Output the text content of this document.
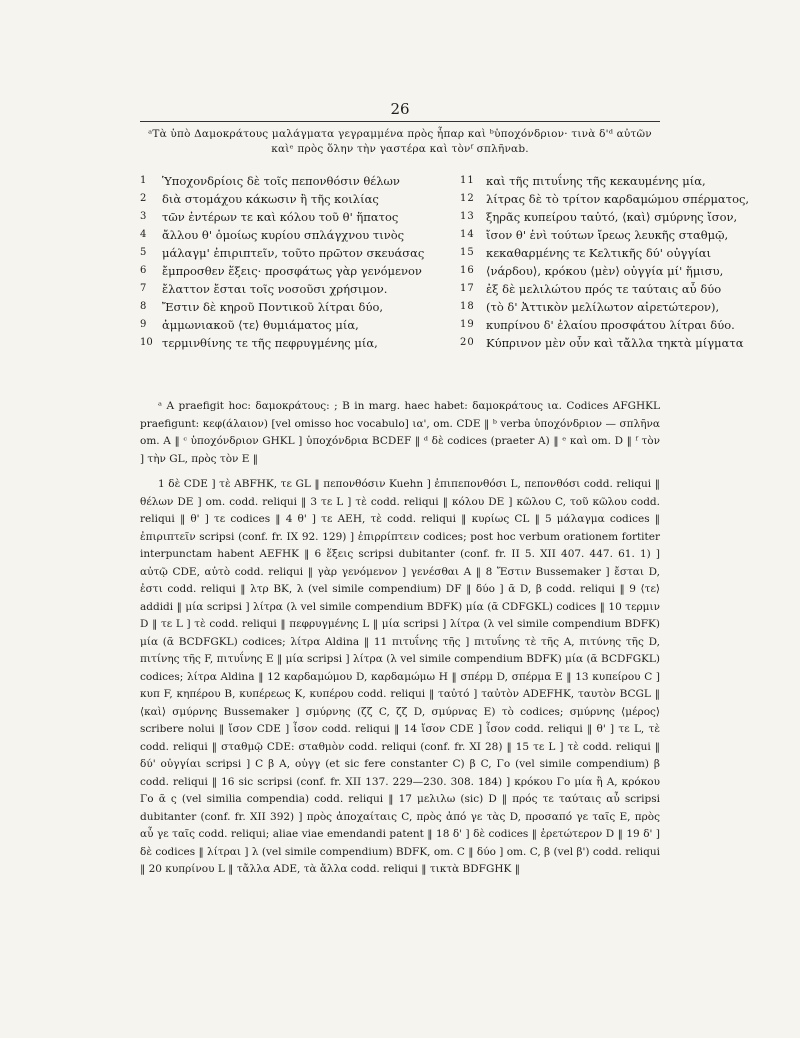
26
ᵃΤὰ ὑπὸ Δαμοκράτους μαλάγματα γεγραμμένα πρὸς ἧπαρ καὶ ᵇὑποχόνδριον· τινὰ δ'ᵈ αὐτῶν
καὶᵉ πρὸς ὅλην τὴν γαστέρα καὶ τὸνᶠ σπλῆναb.
1	Ὑποχονδρίοις δὲ τοῖς πεπονθόσιν θέλων
2	διὰ στομάχου κάκωσιν ἢ τῆς κοιλίας
3	τῶν ἐντέρων τε καὶ κόλου τοῦ θ' ἥπατος
4	ἄλλου θ' ὁμοίως κυρίου σπλάγχνου τινὸς
5	μάλαγμ' ἐπιριπτεῖν, τοῦτο πρῶτον σκευάσας
6	ἔμπροσθεν ἕξεις· προσφάτως γὰρ γενόμενον
7	ἔλαττον ἔσται τοῖς νοσοῦσι χρήσιμον.
8	Ἔστιν δὲ κηροῦ Ποντικοῦ λίτραι δύο,
9	ἀμμωνιακοῦ ⟨τε⟩ θυμιάματος μία,
10 τερμινθίνης τε τῆς πεφρυγμένης μία,
11 καὶ τῆς πιτυΐνης τῆς κεκαυμένης μία,
12 λίτρας δὲ τὸ τρίτον καρδαμώμου σπέρματος,
13 ξηρᾶς κυπείρου ταὐτό, ⟨καὶ⟩ σμύρνης ἴσον,
14 ἴσον θ' ἑνὶ τούτων ἴρεως λευκῆς σταθμῷ,
15 κεκαθαρμένης τε Κελτικῆς δύ' οὐγγίαι
16 ⟨νάρδου⟩, κρόκου ⟨μὲν⟩ οὐγγία μί' ἥμισυ,
17 ἐξ δὲ μελιλώτου πρός τε ταύταις αὖ δύο
18 (τὸ δ' Ἀττικὸν μελίλωτον αἱρετώτερον),
19 κυπρίνου δ' ἐλαίου προσφάτου λίτραι δύο.
20 Κύπρινον μὲν οὖν καὶ τἄλλα τηκτὰ μίγματα

ᵃ A praefigit hoc: δαμοκράτους: ; B in marg. haec habet: δαμοκράτους ια. Codices AFGHKL praefigunt: κεφ(άλαιον) [vel omisso hoc vocabulo] ια', om. CDE ‖ ᵇ verba ὑποχόνδριον — σπλῆνα om. A ‖ ᶜ ὑποχόνδριον GHKL ] ὑποχόνδρια BCDEF ‖ ᵈ δὲ codices (praeter A) ‖ ᵉ καὶ om. D ‖ ᶠ τὸν ] τὴν GL, πρὸς τὸν E ‖

1 δὲ CDE ] τὲ ABFHK, τε GL ‖ πεπονθόσιν Kuehn ] ἐπιπεπονθόσι L, πεπονθόσι codd. reliqui ‖ θέλων DE ] om. codd. reliqui ‖ 3 τε L ] τὲ codd. reliqui ‖ κόλου DE ] κῶλου C, τοῦ κῶλου codd. reliqui ‖ θ' ] τε codices ‖ 4 θ' ] τε AEH, τὲ codd. reliqui ‖ κυρίως CL ‖ 5 μάλαγμα codices ‖ ἐπιριπτεῖν scripsi (conf. fr. IX 92. 129) ] ἐπιρρίπτειν codices; post hoc verbum orationem fortiter interpunctam habent AEFHK ‖ 6 ἕξεις scripsi dubitanter (conf. fr. II 5. XII 407. 447. 61. 1) ] αὐτῷ CDE, αὐτὸ codd. reliqui ‖ γὰρ γενόμενον ] γενέσθαι A ‖ 8 Ἔστιν Bussemaker ] ἔσται D, ἐστι codd. reliqui ‖ λτρ BK, λ (vel simile compendium) DF ‖ δύο ] ᾶ D, β codd. reliqui ‖ 9 ⟨τε⟩ addidi ‖ μία scripsi ] λίτρα (λ vel simile compendium BDFK) μία (ᾶ CDFGKL) codices ‖ 10 τερμιν D ‖ τε L ] τὲ codd. reliqui ‖ πεφρυγμένης L ‖ μία scripsi ] λίτρα (λ vel simile compendium BDFK) μία (ᾶ BCDFGKL) codices; λίτρα Aldina ‖ 11 πιτυΐνης τῆς ] πιτυΐνης τὲ τῆς A, πιτύνης τῆς D, πιτίνης τῆς F, πιτυΐνης E ‖ μία scripsi ] λίτρα (λ vel simile compendium BDFK) μία (ᾶ BCDFGKL) codices; λίτρα Aldina ‖ 12 καρδαμώμου D, καρδαμώμω H ‖ σπέρμ D, σπέρμα E ‖ 13 κυπείρου C ] κυπ F, κηπέρου B, κυπέρεως K, κυπέρου codd. reliqui ‖ ταὐτό ] ταὐτὸν ADEFHK, ταυτὸν BCGL ‖ ⟨καὶ⟩ σμύρνης Bussemaker ] σμύρνης (ζζ C, ζζ D, σμύρνας E) τὸ codices; σμύρνης ⟨μέρος⟩ scribere nolui ‖ ἴσον CDE ] ἶσον codd. reliqui ‖ 14 ἴσον CDE ] ἶσον codd. reliqui ‖ θ' ] τε L, τὲ codd. reliqui ‖ σταθμῷ CDE: σταθμὸν codd. reliqui (conf. fr. XI 28) ‖ 15 τε L ] τὲ codd. reliqui ‖ δύ' οὐγγίαι scripsi ] C β A, οὐγγ (et sic fere constanter C) β C, Γο (vel simile compendium) β codd. reliqui ‖ 16 sic scripsi (conf. fr. XII 137. 229—230. 308. 184) ] κρόκου Γο μία ἢ A, κρόκου Γο ᾶ ς (vel similia compendia) codd. reliqui ‖ 17 μελιλω (sic) D ‖ πρός τε ταύταις αὖ scripsi dubitanter (conf. fr. XII 392) ] πρὸς ἀποχαίταις C, πρὸς ἀπό γε τὰς D, προσαπό γε ταῖς E, πρὸς αὖ γε ταῖς codd. reliqui; aliae viae emendandi patent ‖ 18 δ' ] δὲ codices ‖ ἐρετώτερον D ‖ 19 δ' ] δὲ codices ‖ λίτραι ] λ (vel simile compendium) BDFK, om. C ‖ δύο ] om. C, β (vel β') codd. reliqui ‖ 20 κυπρίνου L ‖ τἄλλα ADE, τὰ ἄλλα codd. reliqui ‖ τικτὰ BDFGHK ‖
